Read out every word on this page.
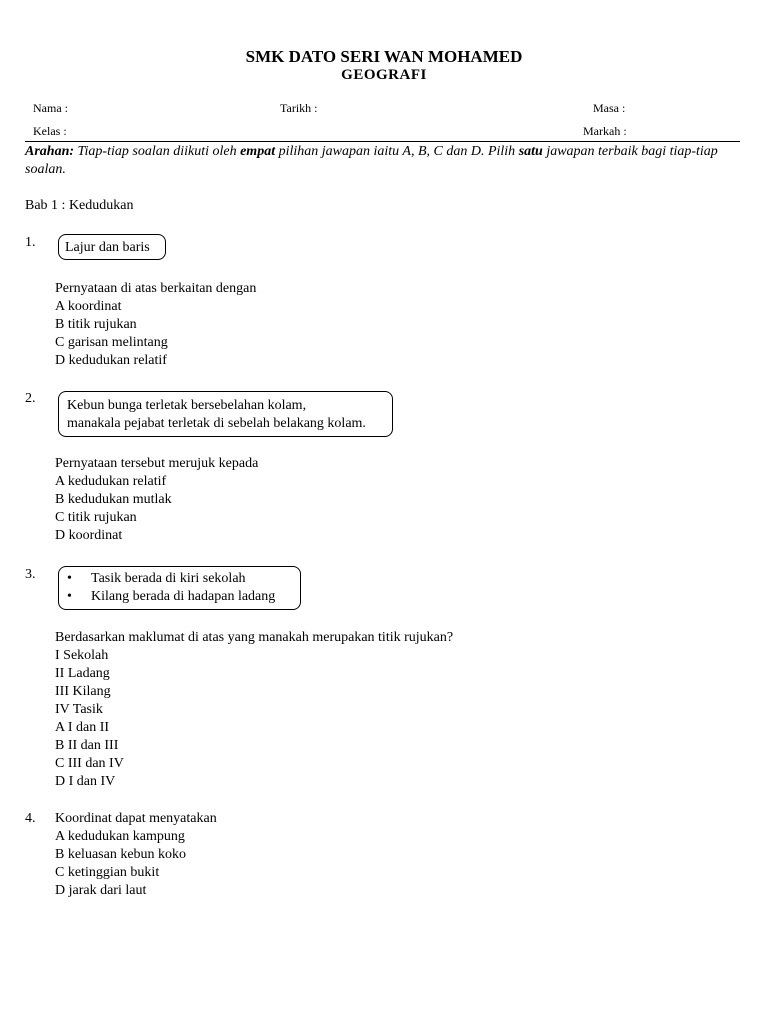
SMK DATO SERI WAN MOHAMED
GEOGRAFI
Nama :	Tarikh :	Masa :
Kelas :	Markah :
Arahan: Tiap-tiap soalan diikuti oleh empat pilihan jawapan iaitu A, B, C dan D. Pilih satu jawapan terbaik bagi tiap-tiap soalan.
Bab 1 : Kedudukan
1.	Lajur dan baris
Pernyataan di atas berkaitan dengan
A koordinat
B titik rujukan
C garisan melintang
D kedudukan relatif
2. Kebun bunga terletak bersebelahan kolam,
manakala pejabat terletak di sebelah belakang kolam.
Pernyataan tersebut merujuk kepada
A kedudukan relatif
B kedudukan mutlak
C titik rujukan
D koordinat
3.
•	Tasik berada di kiri sekolah
• Kilang berada di hadapan ladang
Berdasarkan maklumat di atas yang manakah merupakan titik rujukan?
I Sekolah
II Ladang
III Kilang
IV Tasik
A I dan II
B II dan III
C III dan IV
D I dan IV
4. Koordinat dapat menyatakan
A kedudukan kampung
B keluasan kebun koko
C ketinggian bukit
D jarak dari laut
